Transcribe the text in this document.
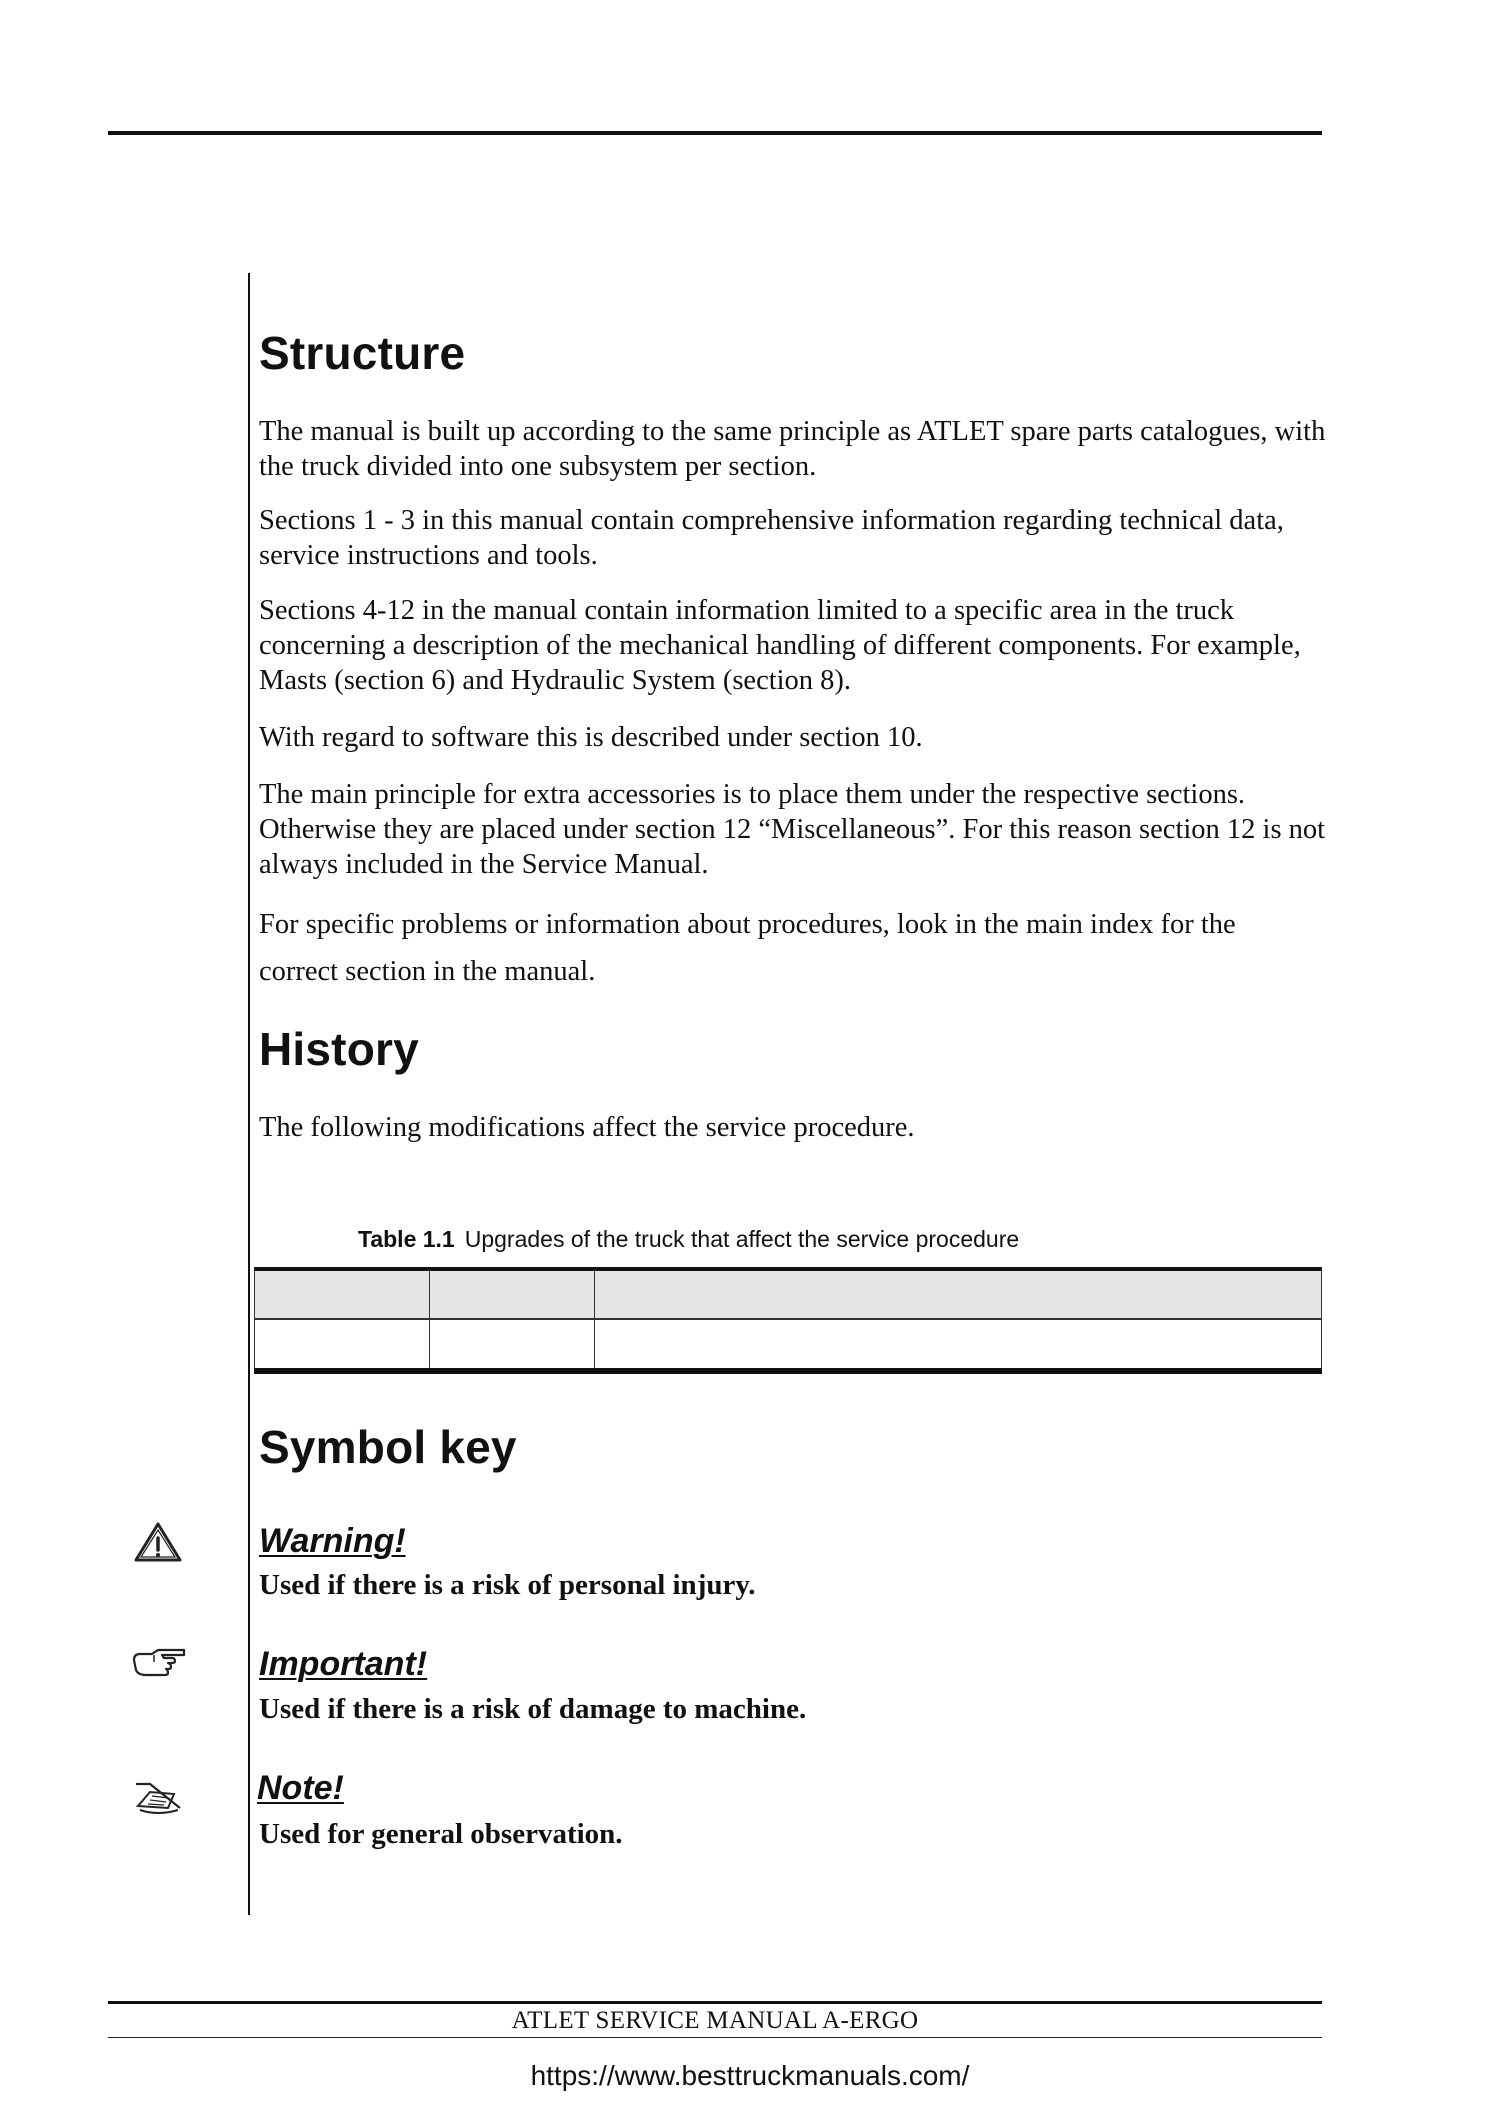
Structure

The manual is built up according to the same principle as ATLET spare parts catalogues, with the truck divided into one subsystem per section.

Sections 1 - 3 in this manual contain comprehensive information regarding technical data, service instructions and tools.

Sections 4-12 in the manual contain information limited to a specific area in the truck concerning a description of the mechanical handling of different components. For example, Masts (section 6) and Hydraulic System (section 8).

With regard to software this is described under section 10.

The main principle for extra accessories is to place them under the respective sections. Otherwise they are placed under section 12 “Miscellaneous”. For this reason section 12 is not always included in the Service Manual.

For specific problems or information about procedures, look in the main index for the correct section in the manual.

History

The following modifications affect the service procedure.

Table 1.1 Upgrades of the truck that affect the service procedure

Symbol key

Warning!

Used if there is a risk of personal injury.

Important!

Used if there is a risk of damage to machine.

Note!

Used for general observation.

ATLET SERVICE MANUAL A-ERGO
https://www.besttruckmanuals.com/
